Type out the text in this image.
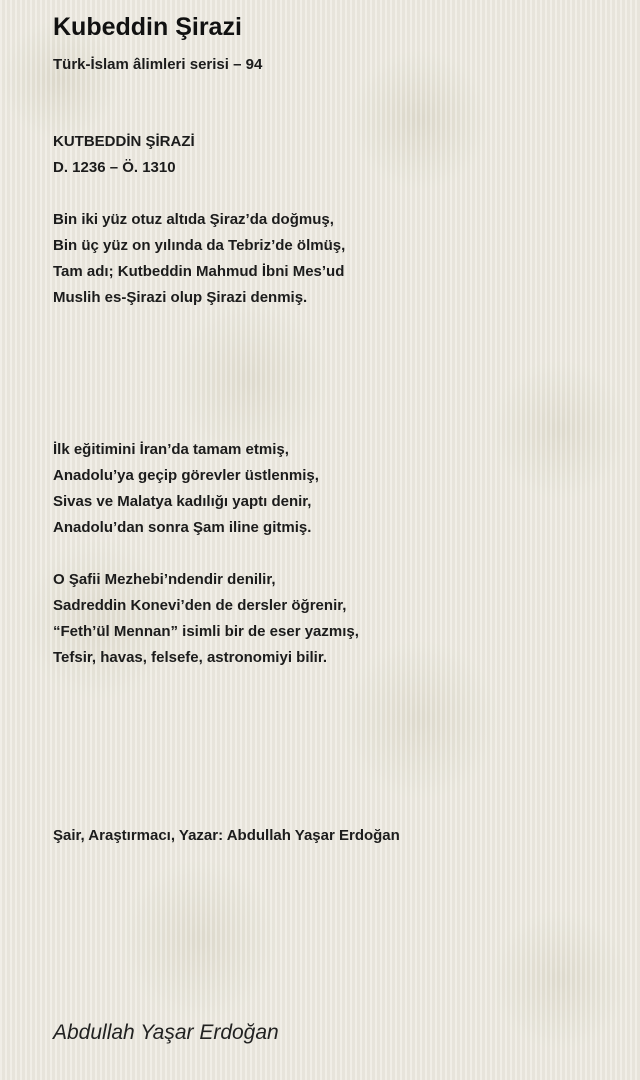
Kubeddin Şirazi

Türk-İslam âlimleri serisi – 94

KUTBEDDİN ŞİRAZİ
D. 1236 – Ö. 1310
Bin iki yüz otuz altıda Şiraz’da doğmuş,
Bin üç yüz on yılında da Tebriz’de ölmüş,
Tam adı; Kutbeddin Mahmud İbni Mes’ud
Muslih es-Şirazi olup Şirazi denmiş.
İlk eğitimini İran’da tamam etmiş,
Anadolu’ya geçip görevler üstlenmiş,
Sivas ve Malatya kadılığı yaptı denir,
Anadolu’dan sonra Şam iline gitmiş.
O Şafii Mezhebi’ndendir denilir,
Sadreddin Konevi’den de dersler öğrenir,
“Feth’ül Mennan” isimli bir de eser yazmış,
Tefsir, havas, felsefe, astronomiyi bilir.

Şair, Araştırmacı, Yazar: Abdullah Yaşar Erdoğan

Abdullah Yaşar Erdoğan
